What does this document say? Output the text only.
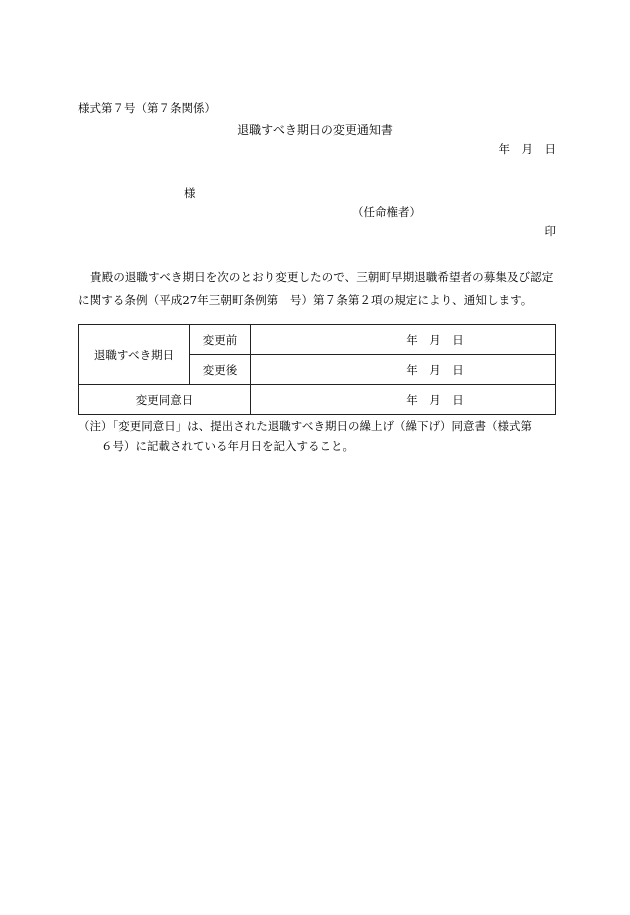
様式第７号（第７条関係）
退職すべき期日の変更通知書
年　月　日
様
（任命権者）
印
貴殿の退職すべき期日を次のとおり変更したので、三朝町早期退職希望者の募集及び認定に関する条例（平成27年三朝町条例第　号）第７条第２項の規定により、通知します。
退職すべき期日	変更前	年　月　日
	変更後	年　月　日
変更同意日		年　月　日
（注）「変更同意日」は、提出された退職すべき期日の繰上げ（繰下げ）同意書（様式第
６号）に記載されている年月日を記入すること。
